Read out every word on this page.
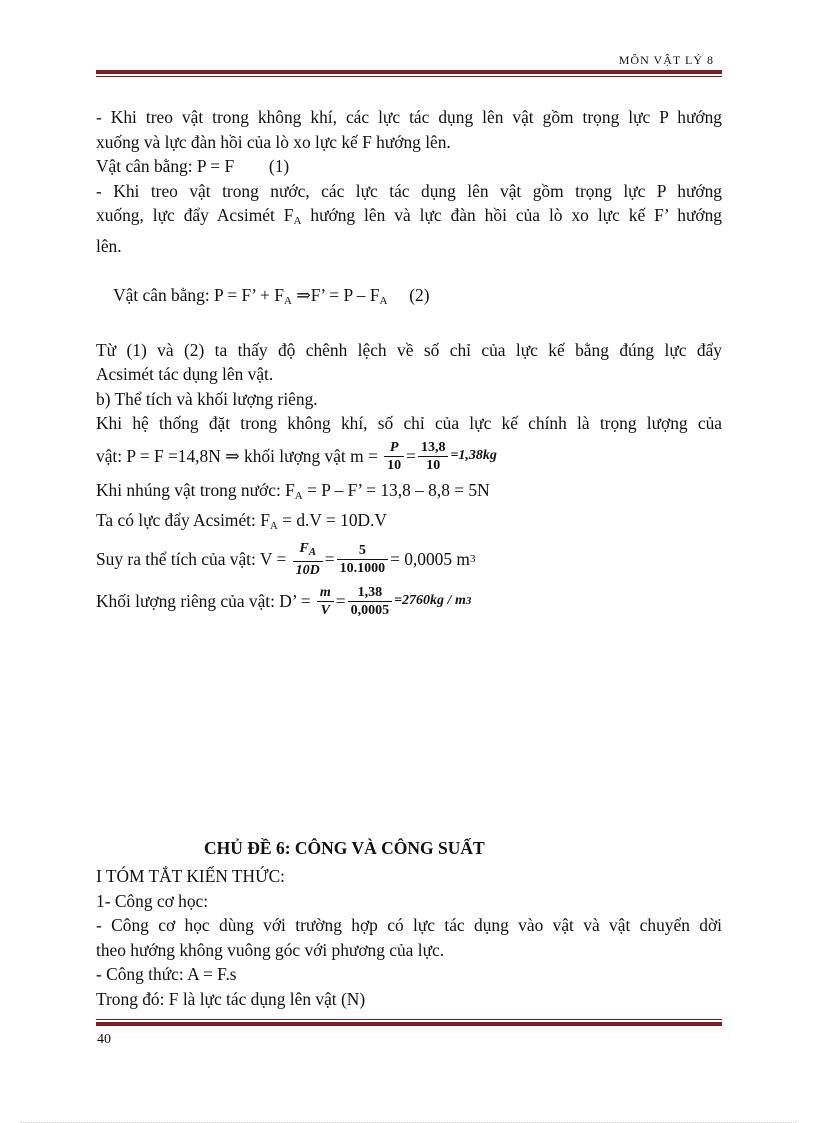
MÔN VẬT LÝ 8
- Khi treo vật trong không khí, các lực tác dụng lên vật gồm trọng lực P hướng
xuống và lực đàn hồi của lò xo lực kế F hướng lên.
Vật cân bằng: P = F        (1)
- Khi treo vật trong nước, các lực tác dụng lên vật gồm trọng lực P hướng
xuống, lực đẩy Acsimét $F_A$ hướng lên và lực đàn hồi của lò xo lực kế F’ hướng
lên.

Vật cân bằng: P = F’ + $F_A$ ⇒F’ = P – $F_A$     (2)

Từ (1) và (2) ta thấy độ chênh lệch về số chỉ của lực kế bằng đúng lực đẩy
Acsimét tác dụng lên vật.
b) Thể tích và khối lượng riêng.
Khi hệ thống đặt trong không khí, số chỉ của lực kế chính là trọng lượng của
vật: P = F =14,8N ⇒ khối lượng vật $m = \frac{P}{10} = \frac{13,8}{10} =1,38kg$
Khi nhúng vật trong nước: $F_A = P - F$’ = 13,8 – 8,8 = 5N
Ta có lực đẩy Acsimét: $F_A = d.V = 10D.V$
Suy ra thể tích của vật: $V = \frac{F_A}{10D} = \frac{5}{10.1000} = 0,0005$ m 3
Khối lượng riêng của vật: D’ = $\frac{m}{V} = \frac{1,38}{0,0005} =2760kg / m$ 3
CHỦ ĐỀ 6: CÔNG VÀ CÔNG SUẤT
I TÓM TẮT KIẾN THỨC:
1- Công cơ học:
- Công cơ học dùng với trường hợp có lực tác dụng vào vật và vật chuyển dời
theo hướng không vuông góc với phương của lực.
- Công thức: A = F.s
Trong đó: F là lực tác dụng lên vật (N)
40
